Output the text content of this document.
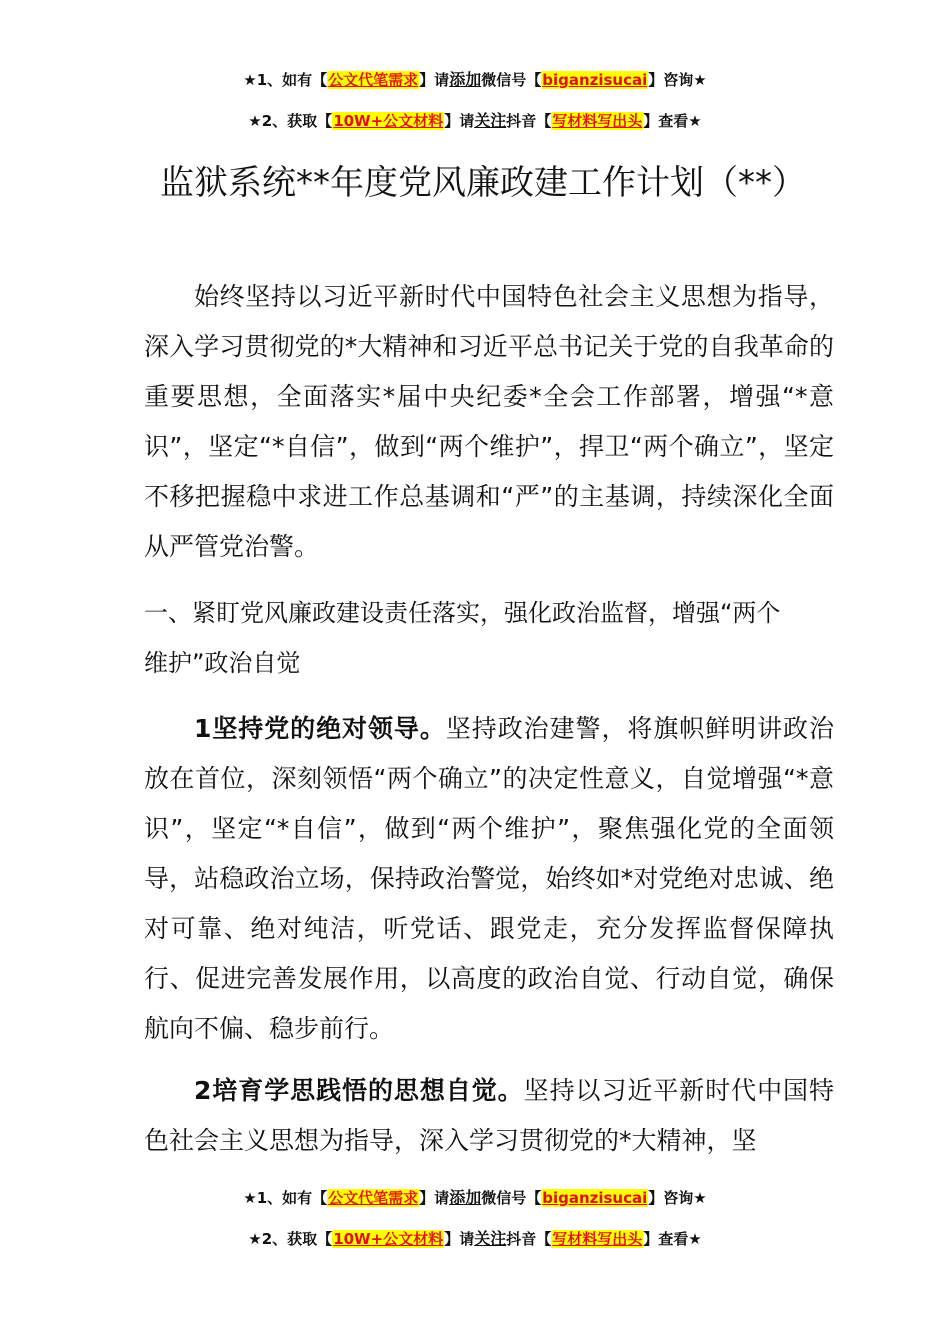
★1、如有【公文代笔需求】请添加微信号【biganzisucai】咨询★
★2、获取【10W+公文材料】请关注抖音【写材料写出头】查看★
监狱系统**年度党风廉政建工作计划（**）

始终坚持以习近平新时代中国特色社会主义思想为指导，深入学习贯彻党的*大精神和习近平总书记关于党的自我革命的重要思想，全面落实*届中央纪委*全会工作部署，增强“*意识”，坚定“*自信”，做到“两个维护”，捍卫“两个确立”，坚定不移把握稳中求进工作总基调和“严”的主基调，持续深化全面从严管党治警。

一、紧盯党风廉政建设责任落实，强化政治监督，增强“两个维护”政治自觉

1坚持党的绝对领导。坚持政治建警，将旗帜鲜明讲政治放在首位，深刻领悟“两个确立”的决定性意义，自觉增强“*意识”，坚定“*自信”，做到“两个维护”，聚焦强化党的全面领导，站稳政治立场，保持政治警觉，始终如*对党绝对忠诚、绝对可靠、绝对纯洁，听党话、跟党走，充分发挥监督保障执行、促进完善发展作用，以高度的政治自觉、行动自觉，确保航向不偏、稳步前行。

2培育学思践悟的思想自觉。坚持以习近平新时代中国特色社会主义思想为指导，深入学习贯彻党的*大精神，坚

★1、如有【公文代笔需求】请添加微信号【biganzisucai】咨询★
★2、获取【10W+公文材料】请关注抖音【写材料写出头】查看★
